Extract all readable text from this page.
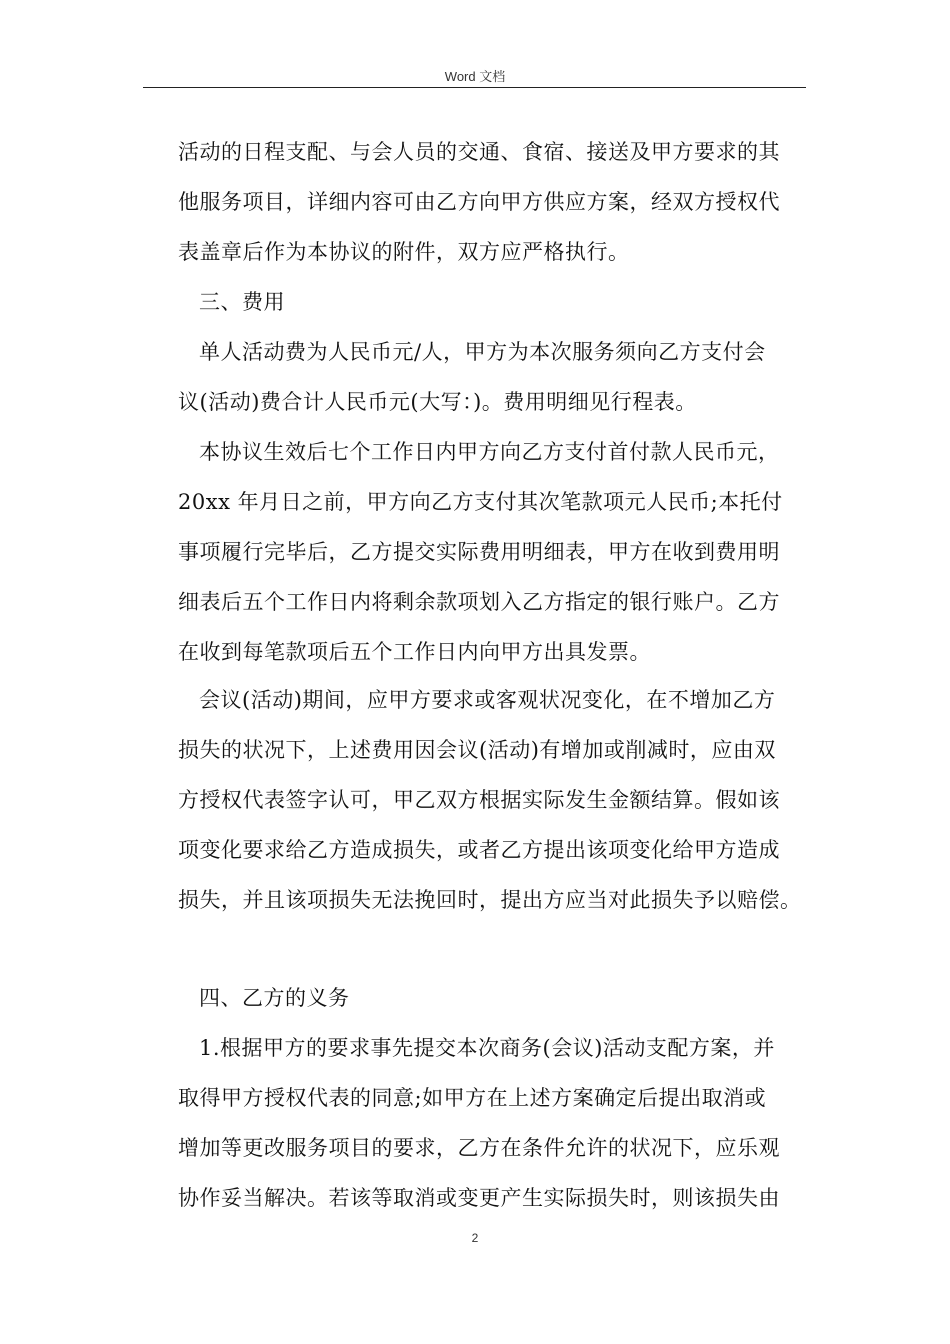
Word 文档
活动的日程支配、与会人员的交通、食宿、接送及甲方要求的其
他服务项目，详细内容可由乙方向甲方供应方案，经双方授权代
表盖章后作为本协议的附件，双方应严格执行。
三、费用
单人活动费为人民币元/人，甲方为本次服务须向乙方支付会
议(活动)费合计人民币元(大写：)。费用明细见行程表。
本协议生效后七个工作日内甲方向乙方支付首付款人民币元，
20xx 年月日之前，甲方向乙方支付其次笔款项元人民币;本托付
事项履行完毕后，乙方提交实际费用明细表，甲方在收到费用明
细表后五个工作日内将剩余款项划入乙方指定的银行账户。乙方
在收到每笔款项后五个工作日内向甲方出具发票。
会议(活动)期间，应甲方要求或客观状况变化，在不增加乙方
损失的状况下，上述费用因会议(活动)有增加或削减时，应由双
方授权代表签字认可，甲乙双方根据实际发生金额结算。假如该
项变化要求给乙方造成损失，或者乙方提出该项变化给甲方造成
损失，并且该项损失无法挽回时，提出方应当对此损失予以赔偿。
四、乙方的义务
1.根据甲方的要求事先提交本次商务(会议)活动支配方案，并
取得甲方授权代表的同意;如甲方在上述方案确定后提出取消或
增加等更改服务项目的要求，乙方在条件允许的状况下，应乐观
协作妥当解决。若该等取消或变更产生实际损失时，则该损失由
2
